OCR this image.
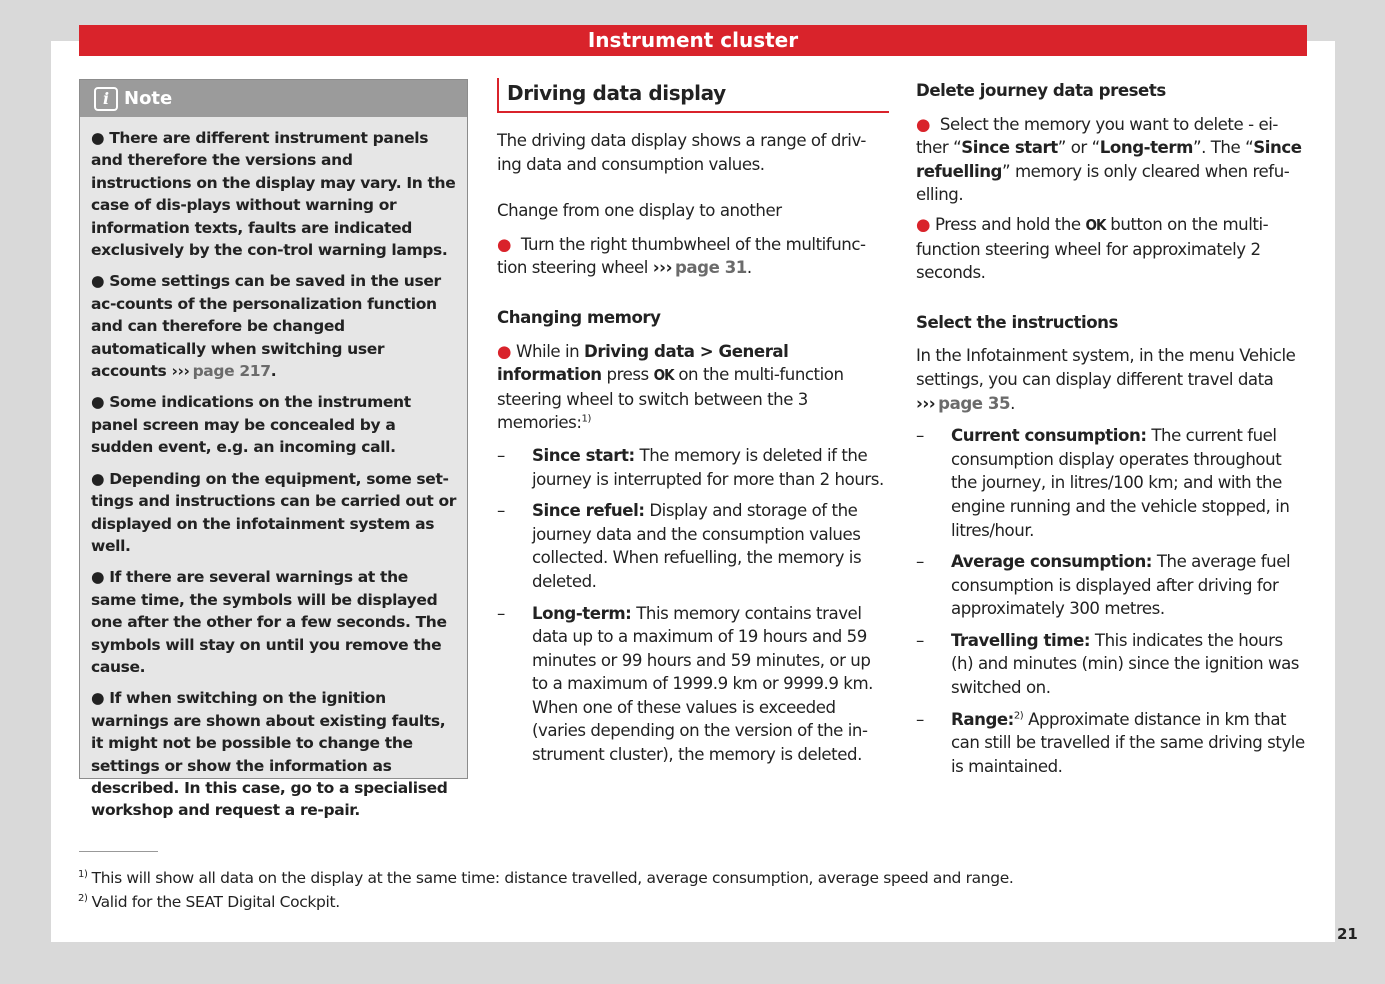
Instrument cluster
i Note
● There are different instrument panels and therefore the versions and instructions on the display may vary. In the case of dis-plays without warning or information texts, faults are indicated exclusively by the con-trol warning lamps.
● Some settings can be saved in the user ac-counts of the personalization function and can therefore be changed automatically when switching user accounts ››› page 217.
● Some indications on the instrument panel screen may be concealed by a sudden event, e.g. an incoming call.
● Depending on the equipment, some set-tings and instructions can be carried out or displayed on the infotainment system as well.
● If there are several warnings at the same time, the symbols will be displayed one after the other for a few seconds. The symbols will stay on until you remove the cause.
● If when switching on the ignition warnings are shown about existing faults, it might not be possible to change the settings or show the information as described. In this case, go to a specialised workshop and request a re-pair.
Driving data display

The driving data display shows a range of driv-ing data and consumption values.

Change from one display to another

● Turn the right thumbwheel of the multifunc-tion steering wheel ››› page 31.

Changing memory

● While in Driving data > General information press OK on the multi-function steering wheel to switch between the 3 memories:$^{1)}$

–	Since start: The memory is deleted if the journey is interrupted for more than 2 hours.
–	Since refuel: Display and storage of the journey data and the consumption values collected. When refuelling, the memory is deleted.
–	Long-term: This memory contains travel data up to a maximum of 19 hours and 59 minutes or 99 hours and 59 minutes, or up to a maximum of 1999.9 km or 9999.9 km. When one of these values is exceeded (varies depending on the version of the in-strument cluster), the memory is deleted.
Delete journey data presets

● Select the memory you want to delete - ei-ther “Since start” or “Long-term”. The “Since refuelling” memory is only cleared when refu-elling.

● Press and hold the OK button on the multi-function steering wheel for approximately 2 seconds.

Select the instructions

In the Infotainment system, in the menu Vehicle settings, you can display different travel data ››› page 35.

–	Current consumption: The current fuel consumption display operates throughout the journey, in litres/100 km; and with the engine running and the vehicle stopped, in litres/hour.
–	Average consumption: The average fuel consumption is displayed after driving for approximately 300 metres.
–	Travelling time: This indicates the hours (h) and minutes (min) since the ignition was switched on.
–	Range:$^{2)}$ Approximate distance in km that can still be travelled if the same driving style is maintained.
$^{1)}$ This will show all data on the display at the same time: distance travelled, average consumption, average speed and range.
$^{2)}$ Valid for the SEAT Digital Cockpit.
21
